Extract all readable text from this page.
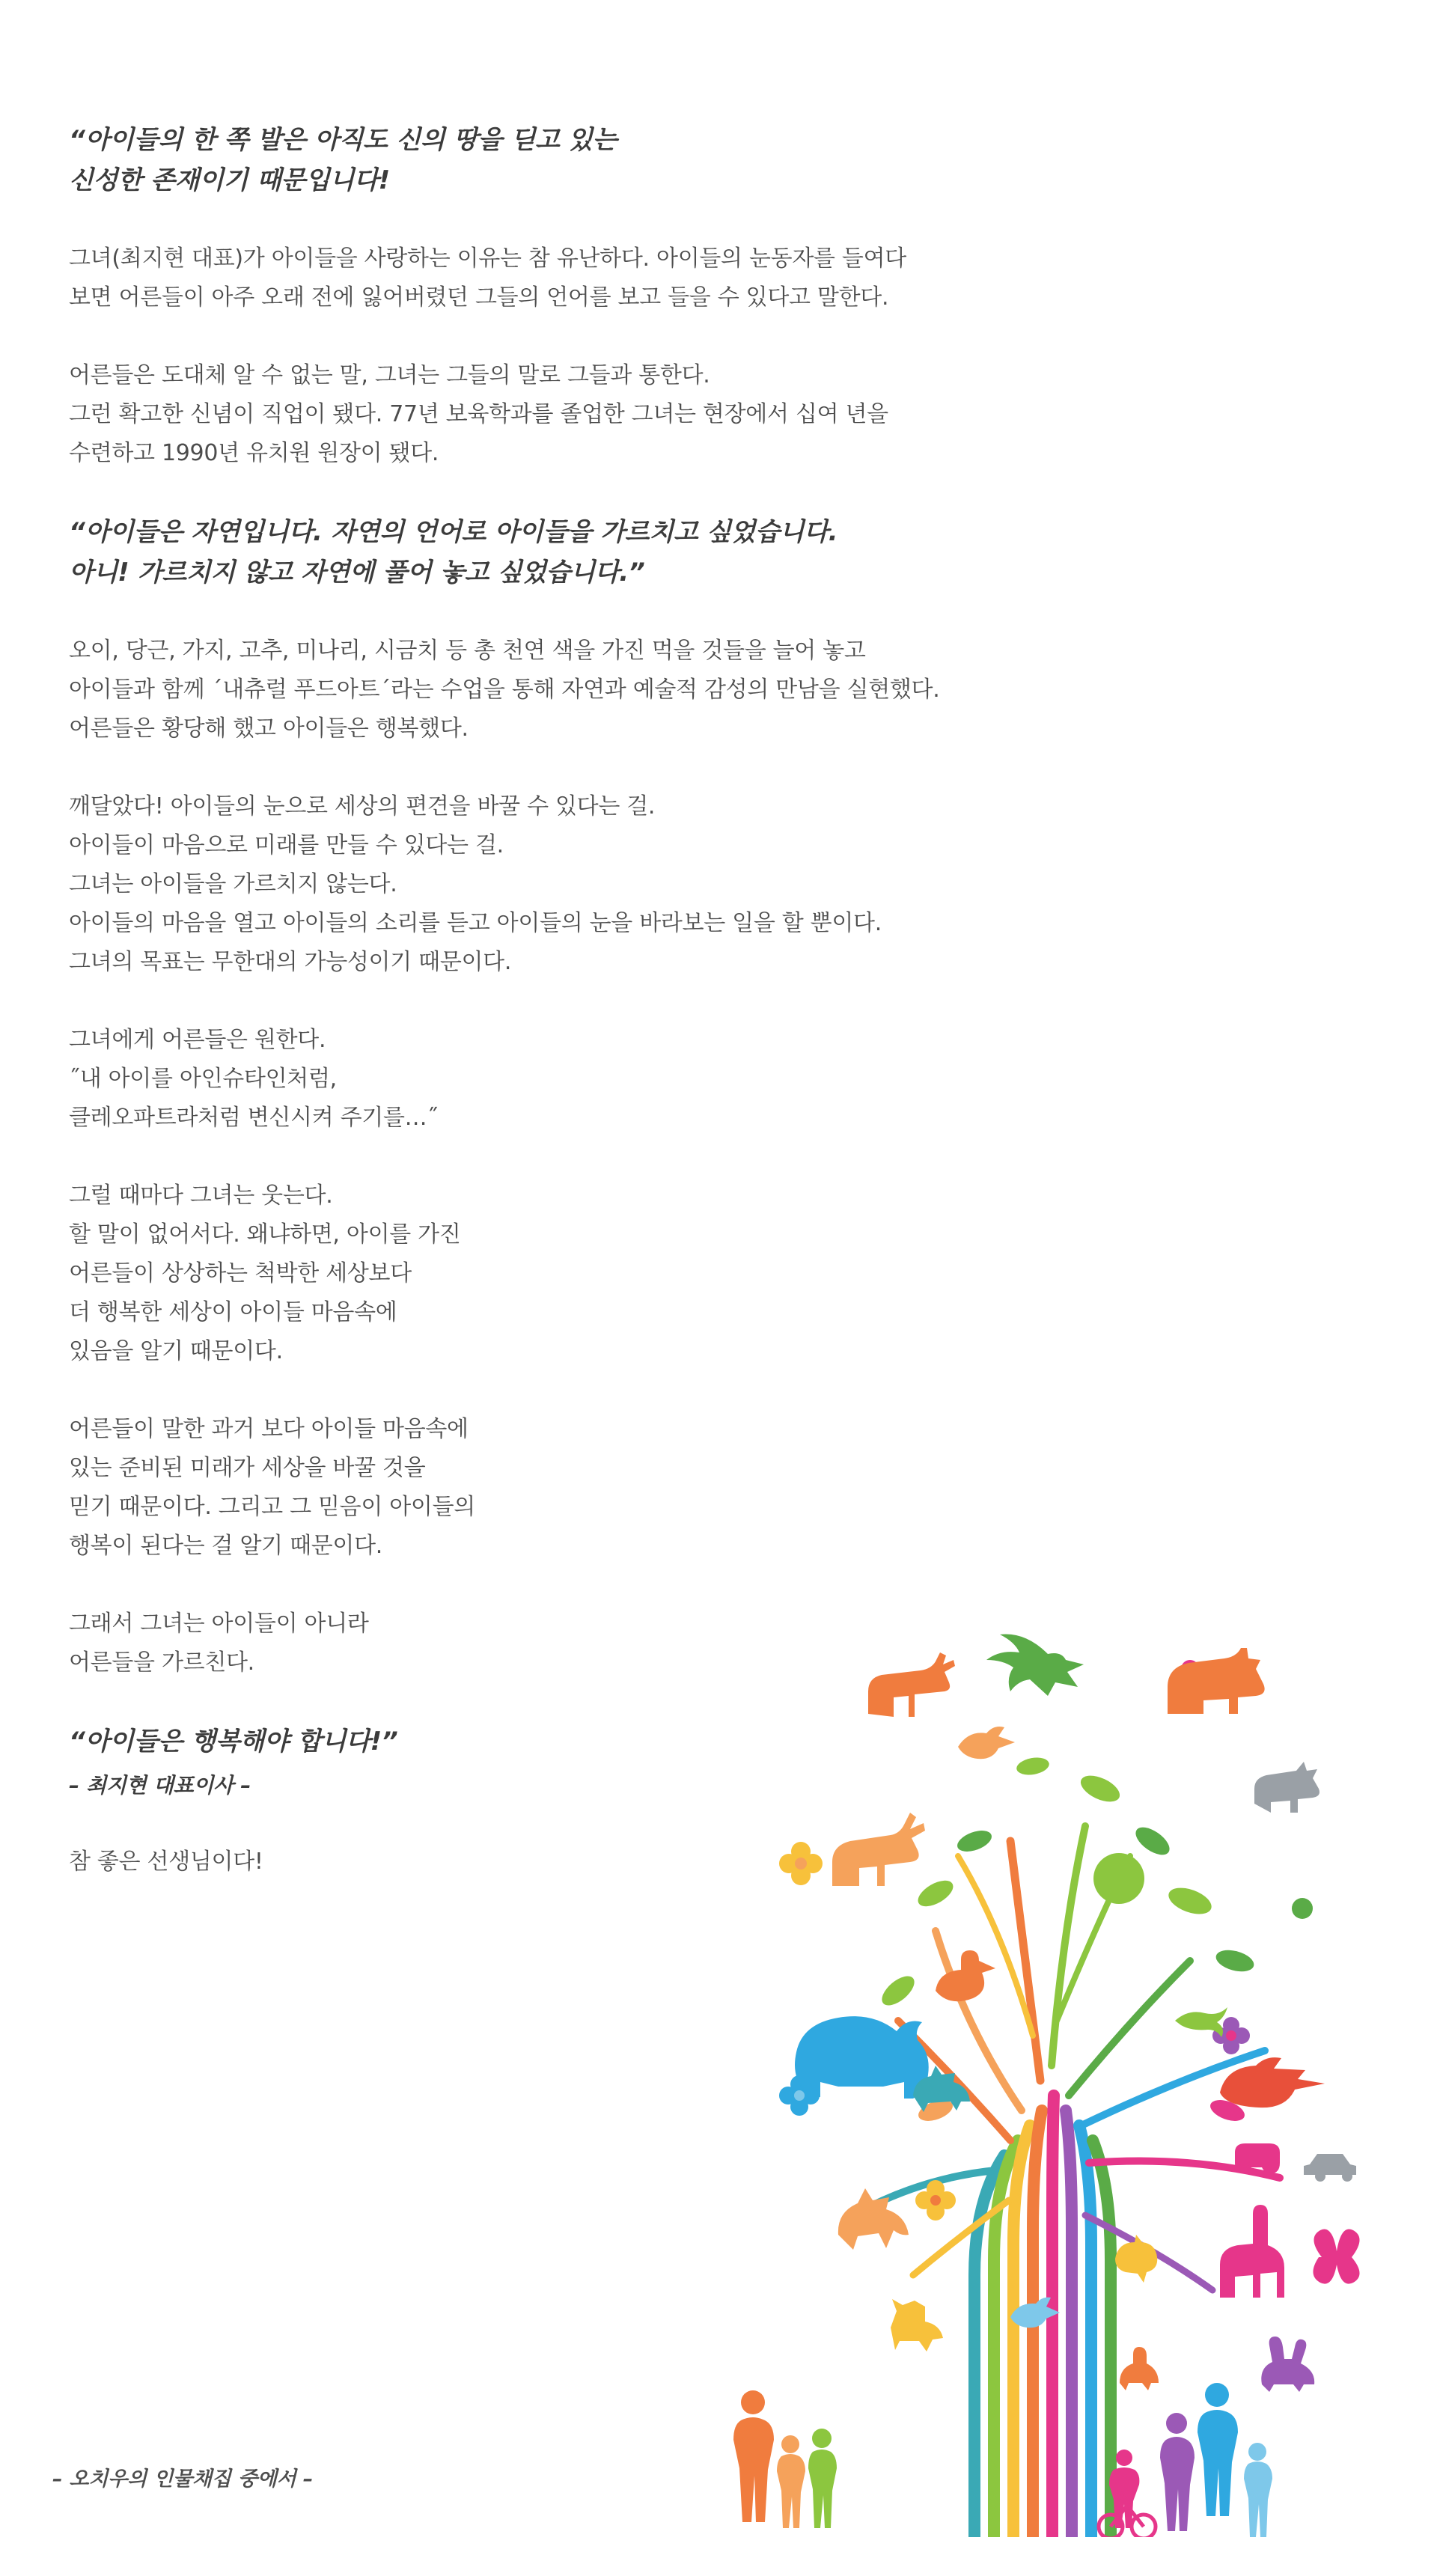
“아이들의 한 쪽 발은 아직도 신의 땅을 딛고 있는
신성한 존재이기 때문입니다!
그녀(최지현 대표)가 아이들을 사랑하는 이유는 참 유난하다. 아이들의 눈동자를 들여다
보면 어른들이 아주 오래 전에 잃어버렸던 그들의 언어를 보고 들을 수 있다고 말한다.
어른들은 도대체 알 수 없는 말, 그녀는 그들의 말로 그들과 통한다.
그런 확고한 신념이 직업이 됐다. 77년 보육학과를 졸업한 그녀는 현장에서 십여 년을
수련하고 1990년 유치원 원장이 됐다.
“아이들은 자연입니다. 자연의 언어로 아이들을 가르치고 싶었습니다.
아니! 가르치지 않고 자연에 풀어 놓고 싶었습니다.”
오이, 당근, 가지, 고추, 미나리, 시금치 등 총 천연 색을 가진 먹을 것들을 늘어 놓고
아이들과 함께 ´내츄럴 푸드아트´라는 수업을 통해 자연과 예술적 감성의 만남을 실현했다.
어른들은 황당해 했고 아이들은 행복했다.
깨달았다! 아이들의 눈으로 세상의 편견을 바꿀 수 있다는 걸.
아이들이 마음으로 미래를 만들 수 있다는 걸.
그녀는 아이들을 가르치지 않는다.
아이들의 마음을 열고 아이들의 소리를 듣고 아이들의 눈을 바라보는 일을 할 뿐이다.
그녀의 목표는 무한대의 가능성이기 때문이다.
그녀에게 어른들은 원한다.
˝내 아이를 아인슈타인처럼,
클레오파트라처럼 변신시켜 주기를…˝
그럴 때마다 그녀는 웃는다.
할 말이 없어서다. 왜냐하면, 아이를 가진
어른들이 상상하는 척박한 세상보다
더 행복한 세상이 아이들 마음속에
있음을 알기 때문이다.
어른들이 말한 과거 보다 아이들 마음속에
있는 준비된 미래가 세상을 바꿀 것을
믿기 때문이다. 그리고 그 믿음이 아이들의
행복이 된다는 걸 알기 때문이다.
그래서 그녀는 아이들이 아니라
어른들을 가르친다.
“아이들은 행복해야 합니다!”
– 최지현 대표이사 –
참 좋은 선생님이다!
– 오치우의 인물채집 중에서 –
